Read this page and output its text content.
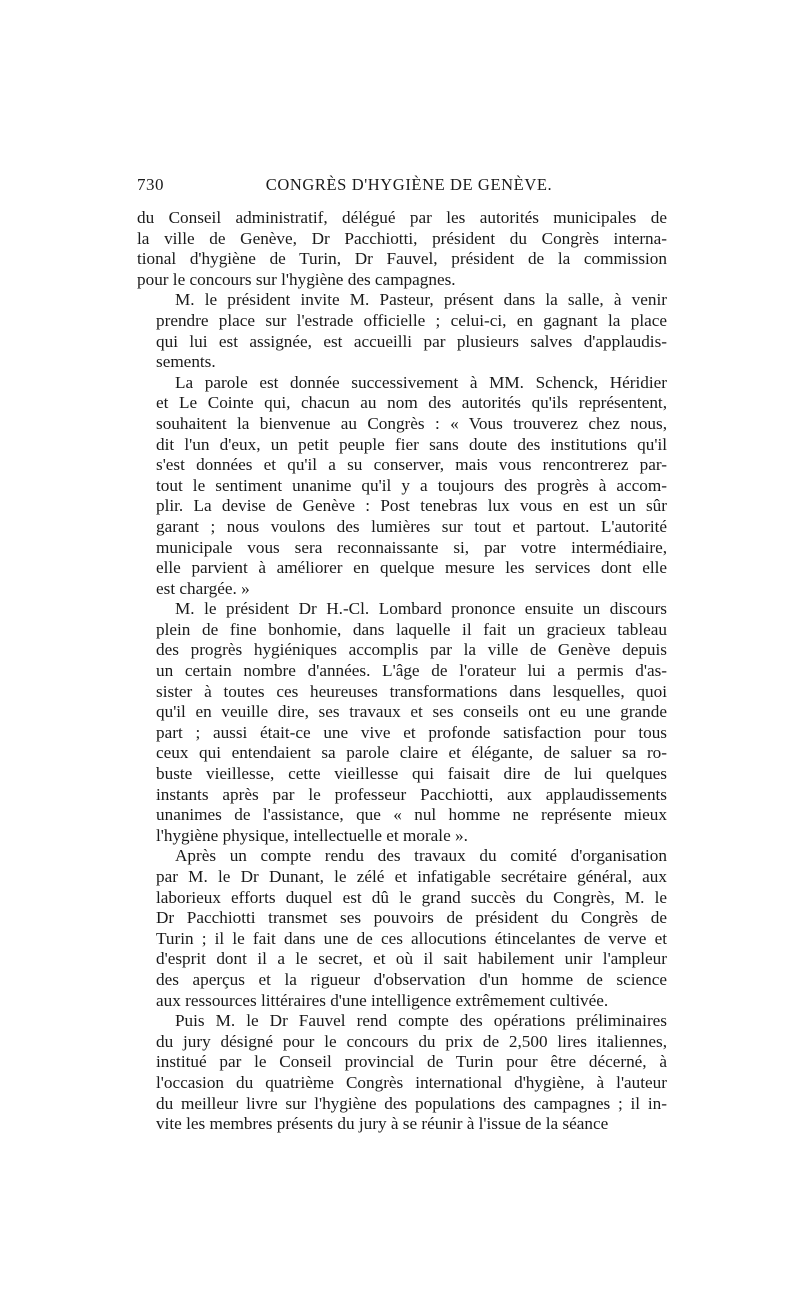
730	CONGRÈS D'HYGIÈNE DE GENÈVE.
du Conseil administratif, délégué par les autorités municipales de
la ville de Genève, Dr Pacchiotti, président du Congrès interna-
tional d'hygiène de Turin, Dr Fauvel, président de la commission
pour le concours sur l'hygiène des campagnes.
M. le président invite M. Pasteur, présent dans la salle, à venir
prendre place sur l'estrade officielle ; celui-ci, en gagnant la place
qui lui est assignée, est accueilli par plusieurs salves d'applaudis-
sements.
La parole est donnée successivement à MM. Schenck, Héridier
et Le Cointe qui, chacun au nom des autorités qu'ils représentent,
souhaitent la bienvenue au Congrès : « Vous trouverez chez nous,
dit l'un d'eux, un petit peuple fier sans doute des institutions qu'il
s'est données et qu'il a su conserver, mais vous rencontrerez par-
tout le sentiment unanime qu'il y a toujours des progrès à accom-
plir. La devise de Genève : Post tenebras lux vous en est un sûr
garant ; nous voulons des lumières sur tout et partout. L'autorité
municipale vous sera reconnaissante si, par votre intermédiaire,
elle parvient à améliorer en quelque mesure les services dont elle
est chargée. »
M. le président Dr H.-Cl. Lombard prononce ensuite un discours
plein de fine bonhomie, dans laquelle il fait un gracieux tableau
des progrès hygiéniques accomplis par la ville de Genève depuis
un certain nombre d'années. L'âge de l'orateur lui a permis d'as-
sister à toutes ces heureuses transformations dans lesquelles, quoi
qu'il en veuille dire, ses travaux et ses conseils ont eu une grande
part ; aussi était-ce une vive et profonde satisfaction pour tous
ceux qui entendaient sa parole claire et élégante, de saluer sa ro-
buste vieillesse, cette vieillesse qui faisait dire de lui quelques
instants après par le professeur Pacchiotti, aux applaudissements
unanimes de l'assistance, que « nul homme ne représente mieux
l'hygiène physique, intellectuelle et morale ».
Après un compte rendu des travaux du comité d'organisation
par M. le Dr Dunant, le zélé et infatigable secrétaire général, aux
laborieux efforts duquel est dû le grand succès du Congrès, M. le
Dr Pacchiotti transmet ses pouvoirs de président du Congrès de
Turin ; il le fait dans une de ces allocutions étincelantes de verve et
d'esprit dont il a le secret, et où il sait habilement unir l'ampleur
des aperçus et la rigueur d'observation d'un homme de science
aux ressources littéraires d'une intelligence extrêmement cultivée.
Puis M. le Dr Fauvel rend compte des opérations préliminaires
du jury désigné pour le concours du prix de 2,500 lires italiennes,
institué par le Conseil provincial de Turin pour être décerné, à
l'occasion du quatrième Congrès international d'hygiène, à l'auteur
du meilleur livre sur l'hygiène des populations des campagnes ; il in-
vite les membres présents du jury à se réunir à l'issue de la séance
